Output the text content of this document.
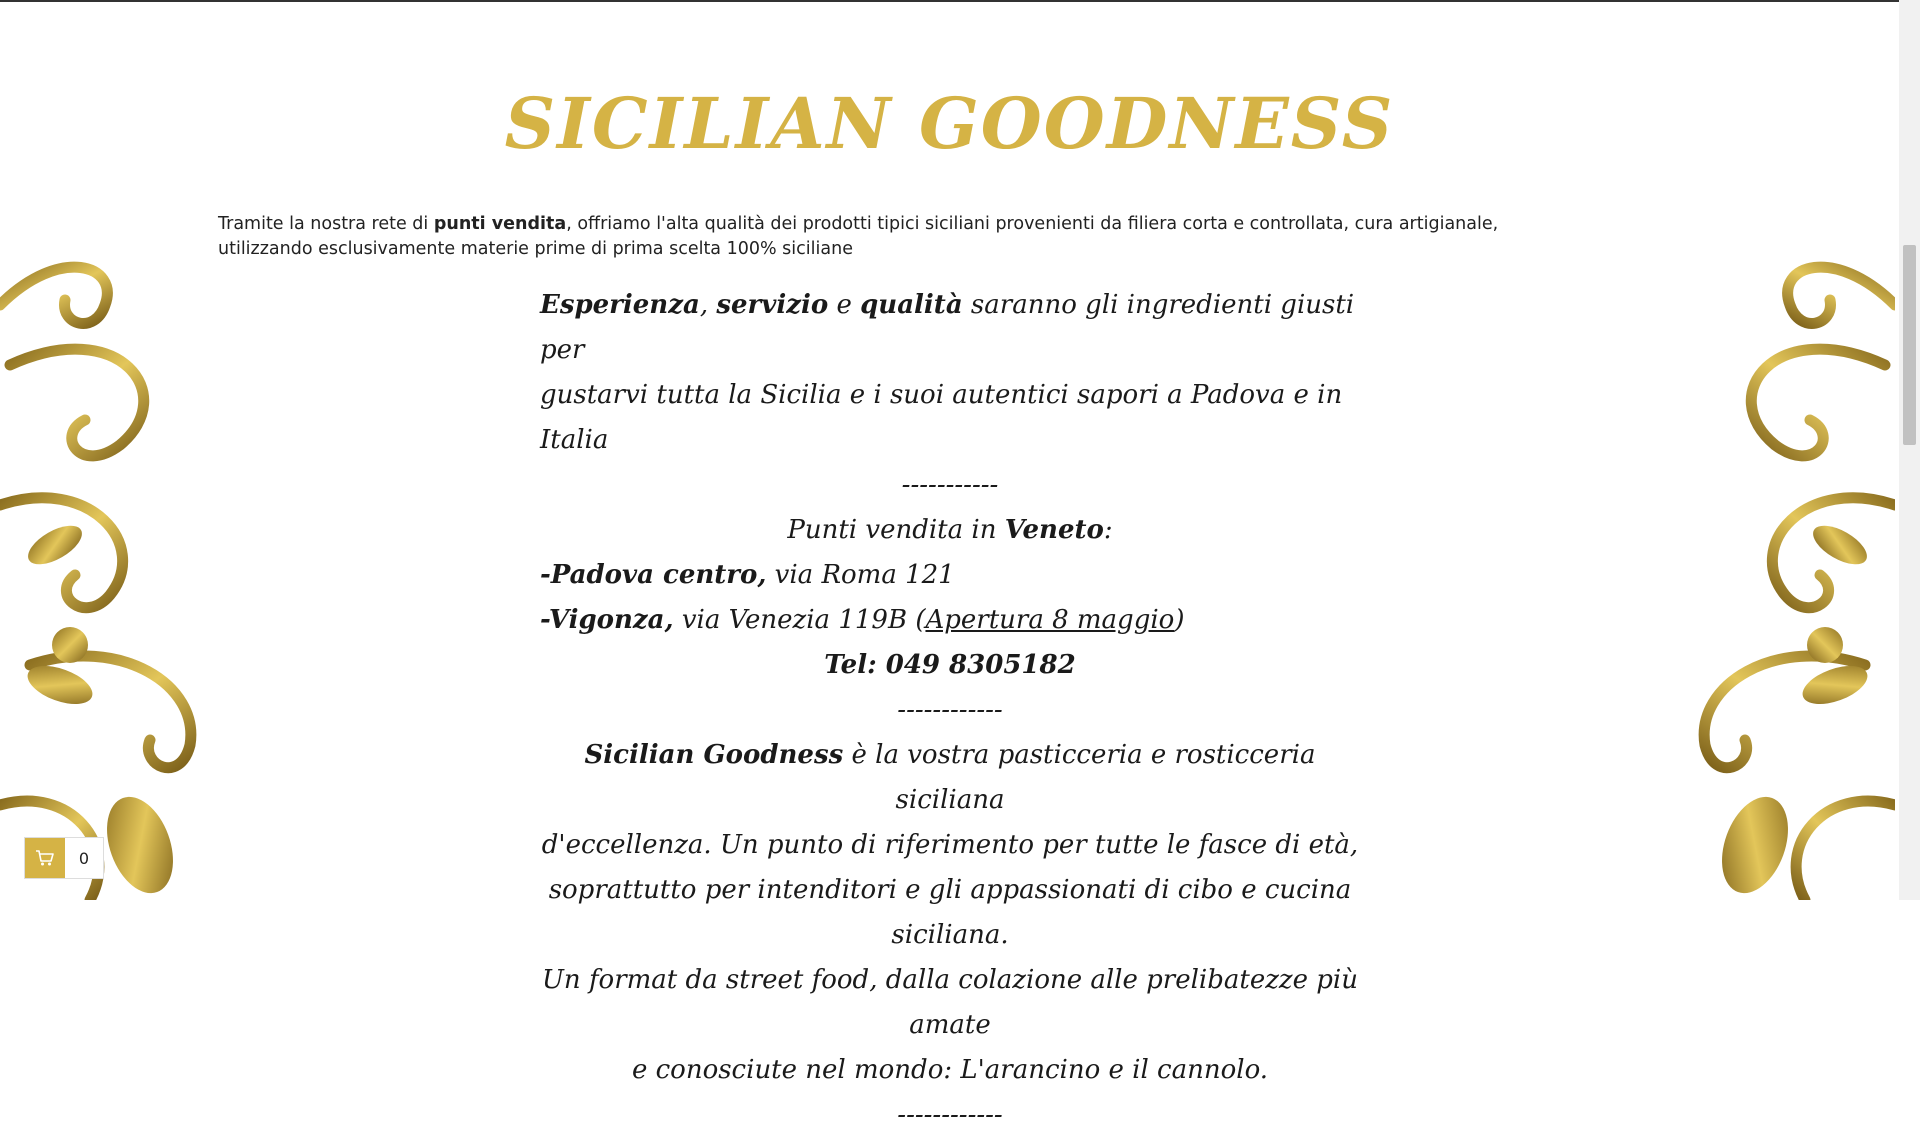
SICILIAN GOODNESS
Tramite la nostra rete di punti vendita, offriamo l'alta qualità dei prodotti tipici siciliani provenienti da filiera corta e controllata, cura artigianale, utilizzando esclusivamente materie prime di prima scelta 100% siciliane

Esperienza, servizio e qualità saranno gli ingredienti giusti per

gustarvi tutta la Sicilia e i suoi autentici sapori a Padova e in Italia

-----------

Punti vendita in Veneto:

-Padova centro, via Roma 121

-Vigonza, via Venezia 119B (Apertura 8 maggio)

Tel: 049 8305182

------------

Sicilian Goodness è la vostra pasticceria e rosticceria siciliana

d'eccellenza. Un punto di riferimento per tutte le fasce di età,

soprattutto per intenditori e gli appassionati di cibo e cucina siciliana.

Un format da street food, dalla colazione alle prelibatezze più amate

e conosciute nel mondo: L'arancino e il cannolo.

------------

0
